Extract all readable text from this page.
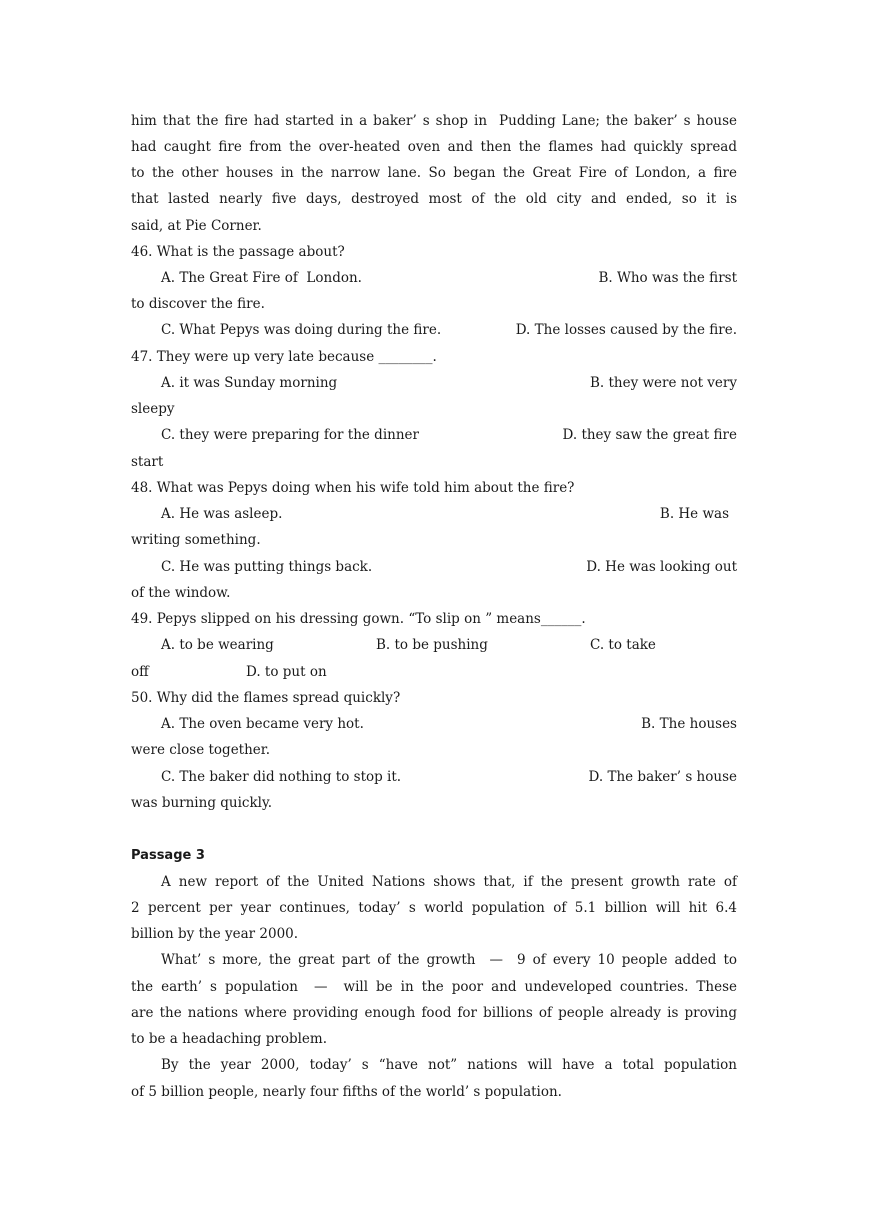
him that the fire had started in a baker’ s shop in  Pudding Lane; the baker’ s house
had caught fire from the over-heated oven and then the flames had quickly spread
to the other houses in the narrow lane. So began the Great Fire of London, a fire
that lasted nearly five days, destroyed most of the old city and ended, so it is
said, at Pie Corner.
46. What is the passage about?
A. The Great Fire of  London.	B. Who was the first
to discover the fire.
C. What Pepys was doing during the fire.	D. The losses caused by the fire.
47. They were up very late because ________.
A. it was Sunday morning	B. they were not very
sleepy
C. they were preparing for the dinner	D. they saw the great fire
start
48. What was Pepys doing when his wife told him about the fire?
A. He was asleep.	B. He was
writing something.
C. He was putting things back.	D. He was looking out
of the window.
49. Pepys slipped on his dressing gown. “To slip on ” means______.
A. to be wearing	B. to be pushing	C. to take
off	D. to put on
50. Why did the flames spread quickly?
A. The oven became very hot.	B. The houses
were close together.
C. The baker did nothing to stop it.	D. The baker’ s house
was burning quickly.
Passage 3
A new report of the United Nations shows that, if the present growth rate of
2 percent per year continues, today’ s world population of 5.1 billion will hit 6.4
billion by the year 2000.
What’ s more, the great part of the growth  —  9 of every 10 people added to
the earth’ s population  —  will be in the poor and undeveloped countries. These
are the nations where providing enough food for billions of people already is proving
to be a headaching problem.
By the year 2000, today’ s “have not” nations will have a total population
of 5 billion people, nearly four fifths of the world’ s population.
